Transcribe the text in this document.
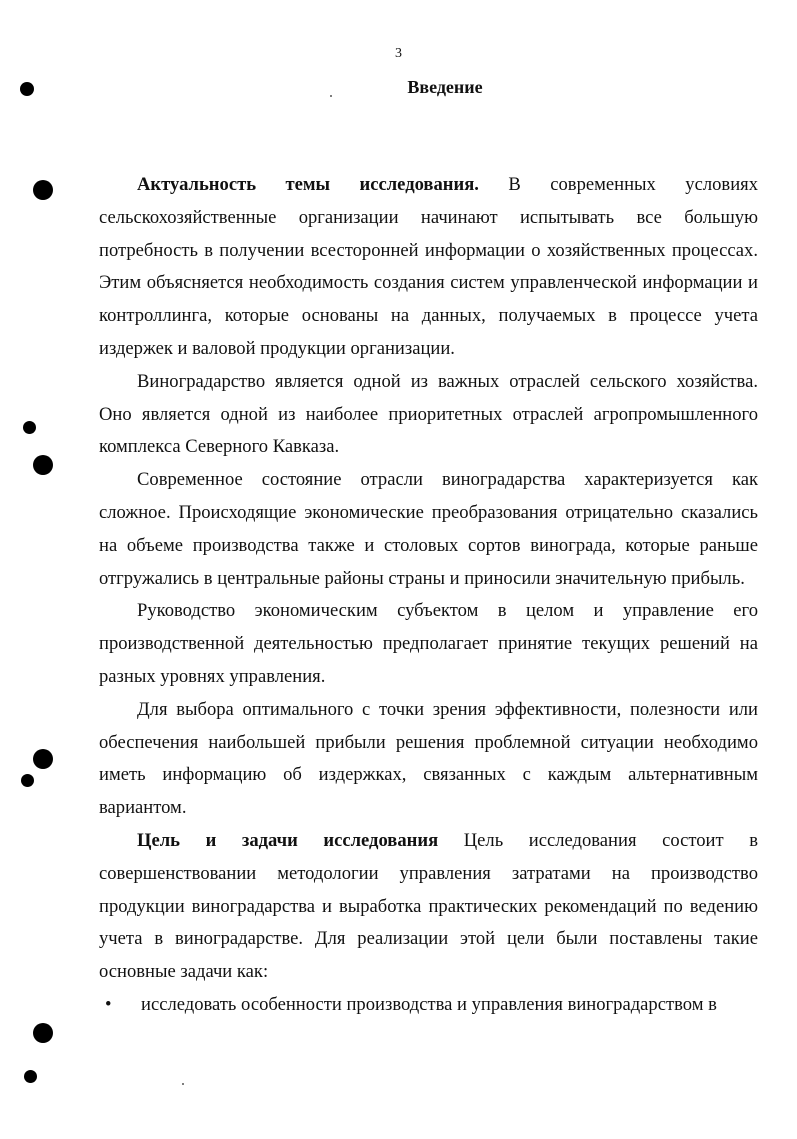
3
Введение

Актуальность темы исследования. В современных условиях сельскохозяйственные организации начинают испытывать все большую потребность в получении всесторонней информации о хозяйственных процессах. Этим объясняется необходимость создания систем управленческой информации и контроллинга, которые основаны на данных, получаемых в процессе учета издержек и валовой продукции организации.

Виноградарство является одной из важных отраслей сельского хозяйства. Оно является одной из наиболее приоритетных отраслей агропромышленного комплекса Северного Кавказа.

Современное состояние отрасли виноградарства характеризуется как сложное. Происходящие экономические преобразования отрицательно сказались на объеме производства также и столовых сортов винограда, которые раньше отгружались в центральные районы страны и приносили значительную прибыль.

Руководство экономическим субъектом в целом и управление его производственной деятельностью предполагает принятие текущих решений на разных уровнях управления.

Для выбора оптимального с точки зрения эффективности, полезности или обеспечения наибольшей прибыли решения проблемной ситуации необходимо иметь информацию об издержках, связанных с каждым альтернативным вариантом.

Цель и задачи исследования Цель исследования состоит в совершенствовании методологии управления затратами на производство продукции виноградарства и выработка практических рекомендаций по ведению учета в виноградарстве. Для реализации этой цели были поставлены такие основные задачи как:

• исследовать особенности производства и управления виноградарством в
